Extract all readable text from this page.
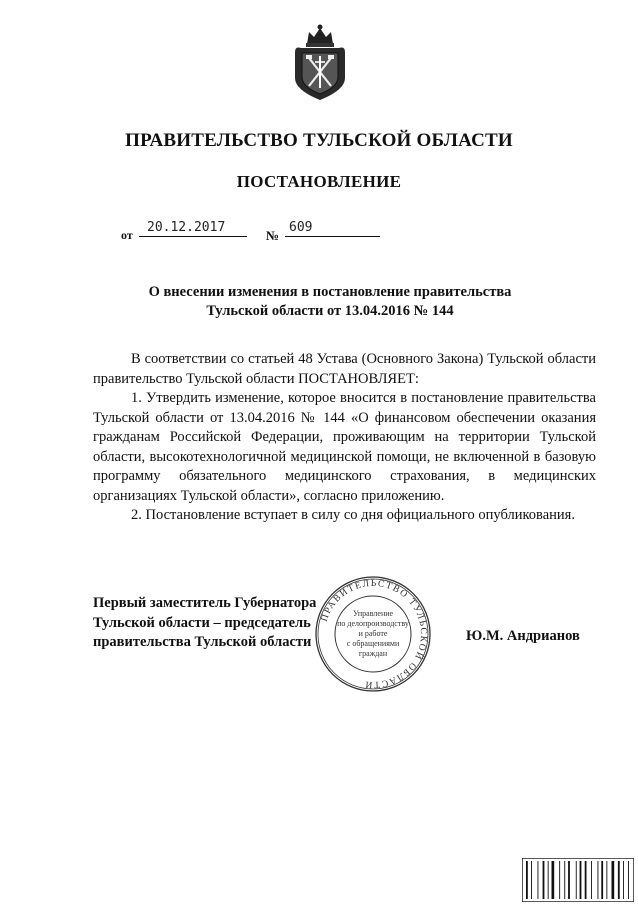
ПРАВИТЕЛЬСТВО ТУЛЬСКОЙ ОБЛАСТИ
ПОСТАНОВЛЕНИЕ
от	20.12.2017
№
609
О внесении изменения в постановление правительства
Тульской области от 13.04.2016 № 144

В соответствии со статьей 48 Устава (Основного Закона) Тульской области правительство Тульской области ПОСТАНОВЛЯЕТ:

1. Утвердить изменение, которое вносится в постановление правительства Тульской области от 13.04.2016 № 144 «О финансовом обеспечении оказания гражданам Российской Федерации, проживающим на территории Тульской области, высокотехнологичной медицинской помощи, не включенной в базовую программу обязательного медицинского страхования, в медицинских организациях Тульской области», согласно приложению.

2. Постановление вступает в силу со дня официального опубликования.

Первый заместитель Губернатора
Тульской области – председатель
правительства Тульской области	Ю.М. Андрианов
ПРАВИТЕЛЬСТВО ТУЛЬСКОЙ ОБЛАСТИ
Управление
по делопроизводству
и работе
с обращениями
граждан
